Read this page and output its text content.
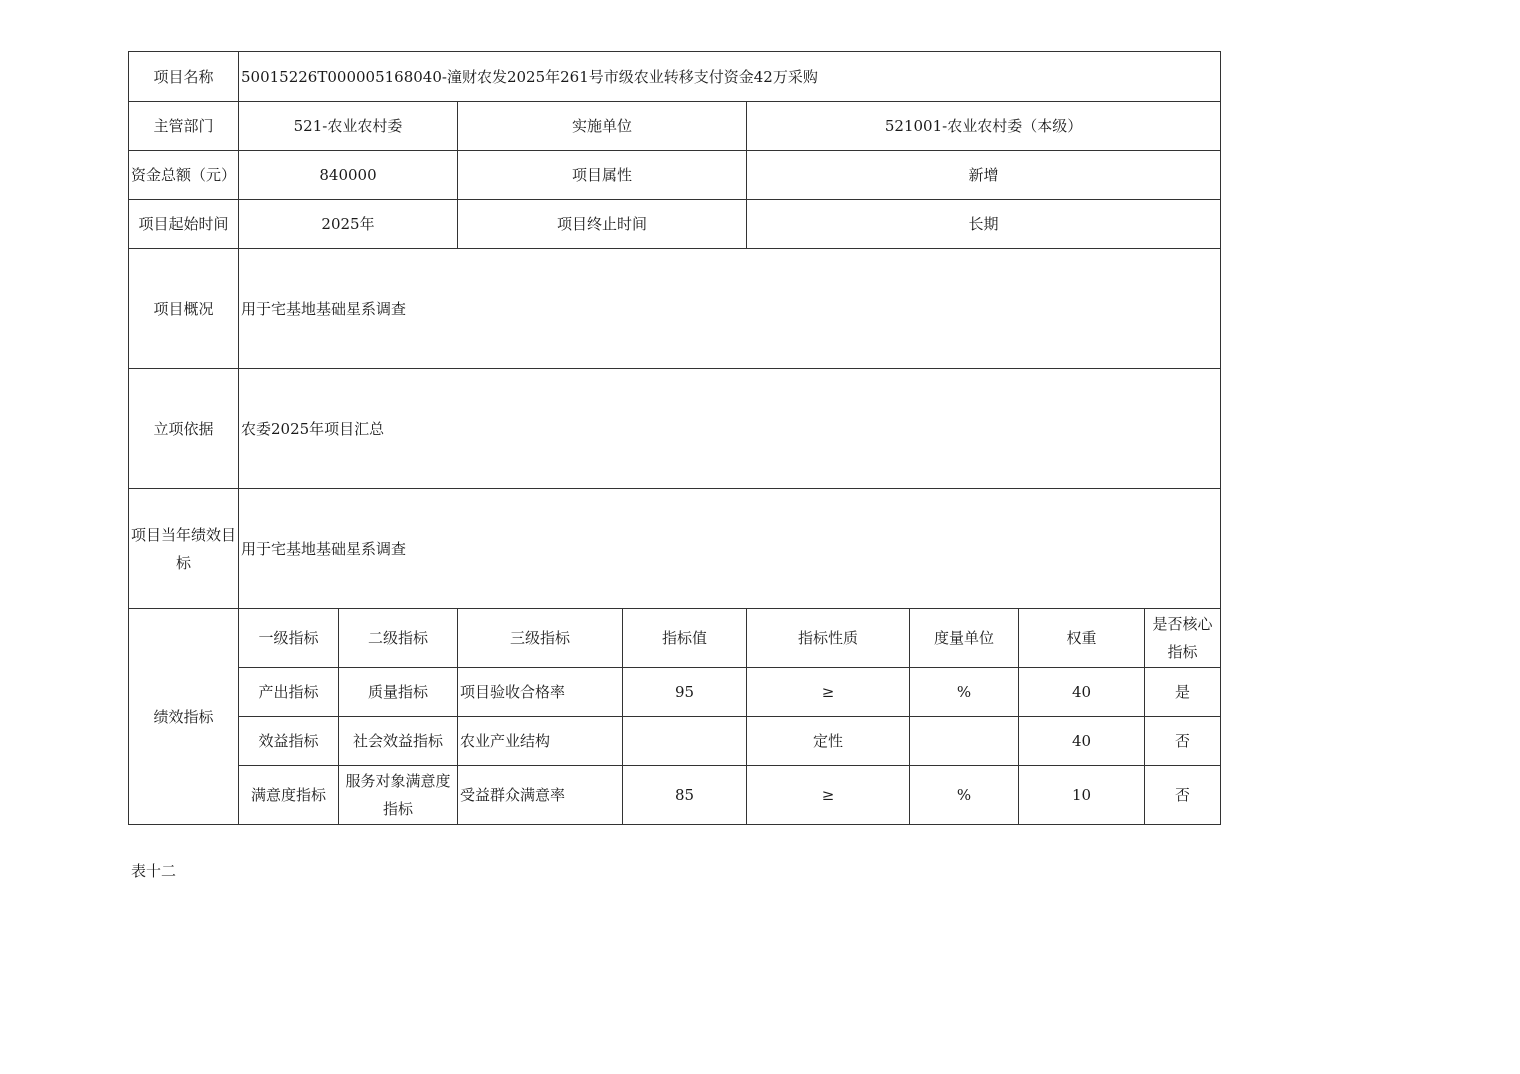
项目名称	50015226T000005168040-潼财农发2025年261号市级农业转移支付资金42万采购							
主管部门	521-农业农村委		实施单位		521001-农业农村委（本级）			
资金总额（元）	840000		项目属性		新增			
项目起始时间	2025年		项目终止时间		长期			
项目概况	用于宅基地基础星系调查							
立项依据	农委2025年项目汇总							
项目当年绩效目标	用于宅基地基础星系调查							
绩效指标	一级指标	二级指标	三级指标	指标值	指标性质	度量单位	权重	是否核心指标
	产出指标	质量指标	项目验收合格率	95	≥	%	40	是
	效益指标	社会效益指标	农业产业结构		定性		40	否
	满意度指标	服务对象满意度指标	受益群众满意率	85	≥	%	10	否
表十二
